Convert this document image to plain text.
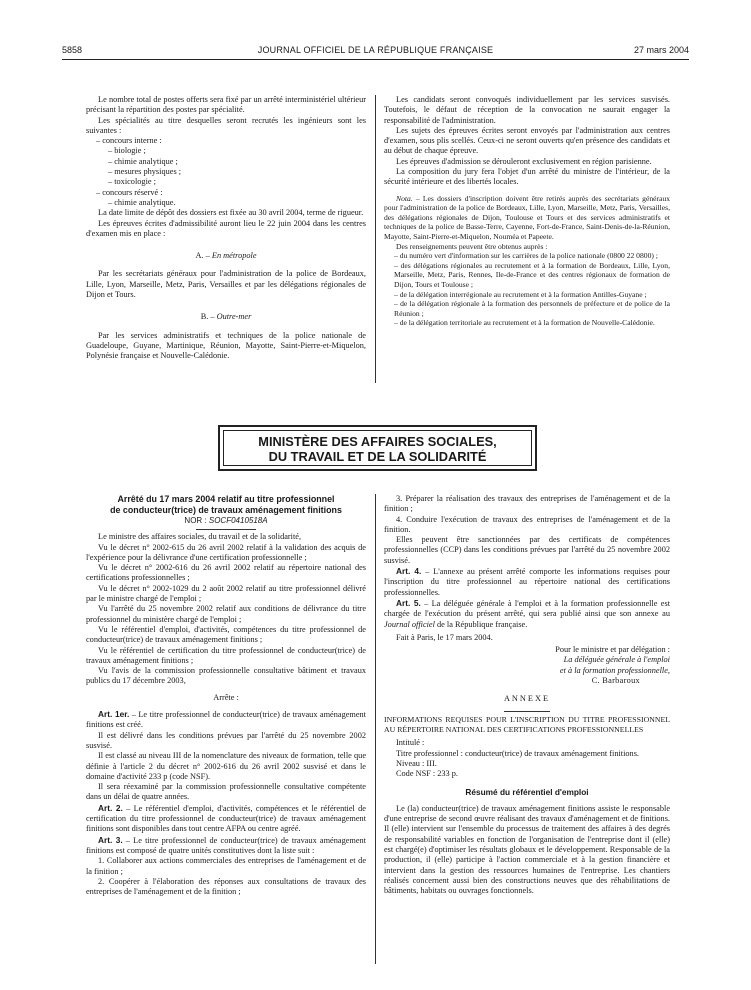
5858	JOURNAL OFFICIEL DE LA RÉPUBLIQUE FRANÇAISE	27 mars 2004

Le nombre total de postes offerts sera fixé par un arrêté interministériel ultérieur précisant la répartition des postes par spécialité.

Les spécialités au titre desquelles seront recrutés les ingénieurs sont les suivantes :

– concours interne :

– biologie ;

– chimie analytique ;

– mesures physiques ;

– toxicologie ;

– concours réservé :

– chimie analytique.

La date limite de dépôt des dossiers est fixée au 30 avril 2004, terme de rigueur.

Les épreuves écrites d'admissibilité auront lieu le 22 juin 2004 dans les centres d'examen mis en place :

A. – En métropole

Par les secrétariats généraux pour l'administration de la police de Bordeaux, Lille, Lyon, Marseille, Metz, Paris, Versailles et par les délégations régionales de Dijon et Tours.

B. – Outre-mer

Par les services administratifs et techniques de la police nationale de Guadeloupe, Guyane, Martinique, Réunion, Mayotte, Saint-Pierre-et-Miquelon, Polynésie française et Nouvelle-Calédonie.

Les candidats seront convoqués individuellement par les services susvisés. Toutefois, le défaut de réception de la convocation ne saurait engager la responsabilité de l'administration.

Les sujets des épreuves écrites seront envoyés par l'administration aux centres d'examen, sous plis scellés. Ceux-ci ne seront ouverts qu'en présence des candidats et au début de chaque épreuve.

Les épreuves d'admission se dérouleront exclusivement en région parisienne.

La composition du jury fera l'objet d'un arrêté du ministre de l'intérieur, de la sécurité intérieure et des libertés locales.

Nota. – Les dossiers d'inscription doivent être retirés auprès des secrétariats généraux pour l'administration de la police de Bordeaux, Lille, Lyon, Marseille, Metz, Paris, Versailles, des délégations régionales de Dijon, Toulouse et Tours et des services administratifs et techniques de la police de Basse-Terre, Cayenne, Fort-de-France, Saint-Denis-de-la-Réunion, Mayotte, Saint-Pierre-et-Miquelon, Nouméa et Papeete.

Des renseignements peuvent être obtenus auprès :

– du numéro vert d'information sur les carrières de la police nationale (0800 22 0800) ;

– des délégations régionales au recrutement et à la formation de Bordeaux, Lille, Lyon, Marseille, Metz, Paris, Rennes, Ile-de-France et des centres régionaux de formation de Dijon, Tours et Toulouse ;

– de la délégation interrégionale au recrutement et à la formation Antilles-Guyane ;

– de la délégation régionale à la formation des personnels de préfecture et de police de la Réunion ;

– de la délégation territoriale au recrutement et à la formation de Nouvelle-Calédonie.

MINISTÈRE DES AFFAIRES SOCIALES,
DU TRAVAIL ET DE LA SOLIDARITÉ
Arrêté du 17 mars 2004 relatif au titre professionnel
de conducteur(trice) de travaux aménagement finitions

NOR : SOCF0410518A

Le ministre des affaires sociales, du travail et de la solidarité,

Vu le décret n° 2002-615 du 26 avril 2002 relatif à la validation des acquis de l'expérience pour la délivrance d'une certification professionnelle ;

Vu le décret n° 2002-616 du 26 avril 2002 relatif au répertoire national des certifications professionnelles ;

Vu le décret n° 2002-1029 du 2 août 2002 relatif au titre professionnel délivré par le ministre chargé de l'emploi ;

Vu l'arrêté du 25 novembre 2002 relatif aux conditions de délivrance du titre professionnel du ministère chargé de l'emploi ;

Vu le référentiel d'emploi, d'activités, compétences du titre professionnel de conducteur(trice) de travaux aménagement finitions ;

Vu le référentiel de certification du titre professionnel de conducteur(trice) de travaux aménagement finitions ;

Vu l'avis de la commission professionnelle consultative bâtiment et travaux publics du 17 décembre 2003,

Arrête :

Art. 1er. – Le titre professionnel de conducteur(trice) de travaux aménagement finitions est créé.

Il est délivré dans les conditions prévues par l'arrêté du 25 novembre 2002 susvisé.

Il est classé au niveau III de la nomenclature des niveaux de formation, telle que définie à l'article 2 du décret n° 2002-616 du 26 avril 2002 susvisé et dans le domaine d'activité 233 p (code NSF).

Il sera réexaminé par la commission professionnelle consultative compétente dans un délai de quatre années.

Art. 2. – Le référentiel d'emploi, d'activités, compétences et le référentiel de certification du titre professionnel de conducteur(trice) de travaux aménagement finitions sont disponibles dans tout centre AFPA ou centre agréé.

Art. 3. – Le titre professionnel de conducteur(trice) de travaux aménagement finitions est composé de quatre unités constitutives dont la liste suit :

1. Collaborer aux actions commerciales des entreprises de l'aménagement et de la finition ;

2. Coopérer à l'élaboration des réponses aux consultations de travaux des entreprises de l'aménagement et de la finition ;

3. Préparer la réalisation des travaux des entreprises de l'aménagement et de la finition ;

4. Conduire l'exécution de travaux des entreprises de l'aménagement et de la finition.

Elles peuvent être sanctionnées par des certificats de compétences professionnelles (CCP) dans les conditions prévues par l'arrêté du 25 novembre 2002 susvisé.

Art. 4. – L'annexe au présent arrêté comporte les informations requises pour l'inscription du titre professionnel au répertoire national des certifications professionnelles.

Art. 5. – La déléguée générale à l'emploi et à la formation professionnelle est chargée de l'exécution du présent arrêté, qui sera publié ainsi que son annexe au Journal officiel de la République française.

Fait à Paris, le 17 mars 2004.

Pour le ministre et par délégation :

La déléguée générale à l'emploi

et à la formation professionnelle,

C. Barbaroux

ANNEXE

INFORMATIONS REQUISES POUR L'INSCRIPTION DU TITRE PROFESSIONNEL AU RÉPERTOIRE NATIONAL DES CERTIFICATIONS PROFESSIONNELLES

Intitulé :

Titre professionnel : conducteur(trice) de travaux aménagement finitions.

Niveau : III.

Code NSF : 233 p.

Résumé du référentiel d'emploi

Le (la) conducteur(trice) de travaux aménagement finitions assiste le responsable d'une entreprise de second œuvre réalisant des travaux d'aménagement et de finitions. Il (elle) intervient sur l'ensemble du processus de traitement des affaires à des degrés de responsabilité variables en fonction de l'organisation de l'entreprise dont il (elle) est chargé(e) d'optimiser les résultats globaux et le développement. Responsable de la production, il (elle) participe à l'action commerciale et à la gestion financière et intervient dans la gestion des ressources humaines de l'entreprise. Les chantiers réalisés concernent aussi bien des constructions neuves que des réhabilitations de bâtiments, habitats ou ouvrages fonctionnels.
